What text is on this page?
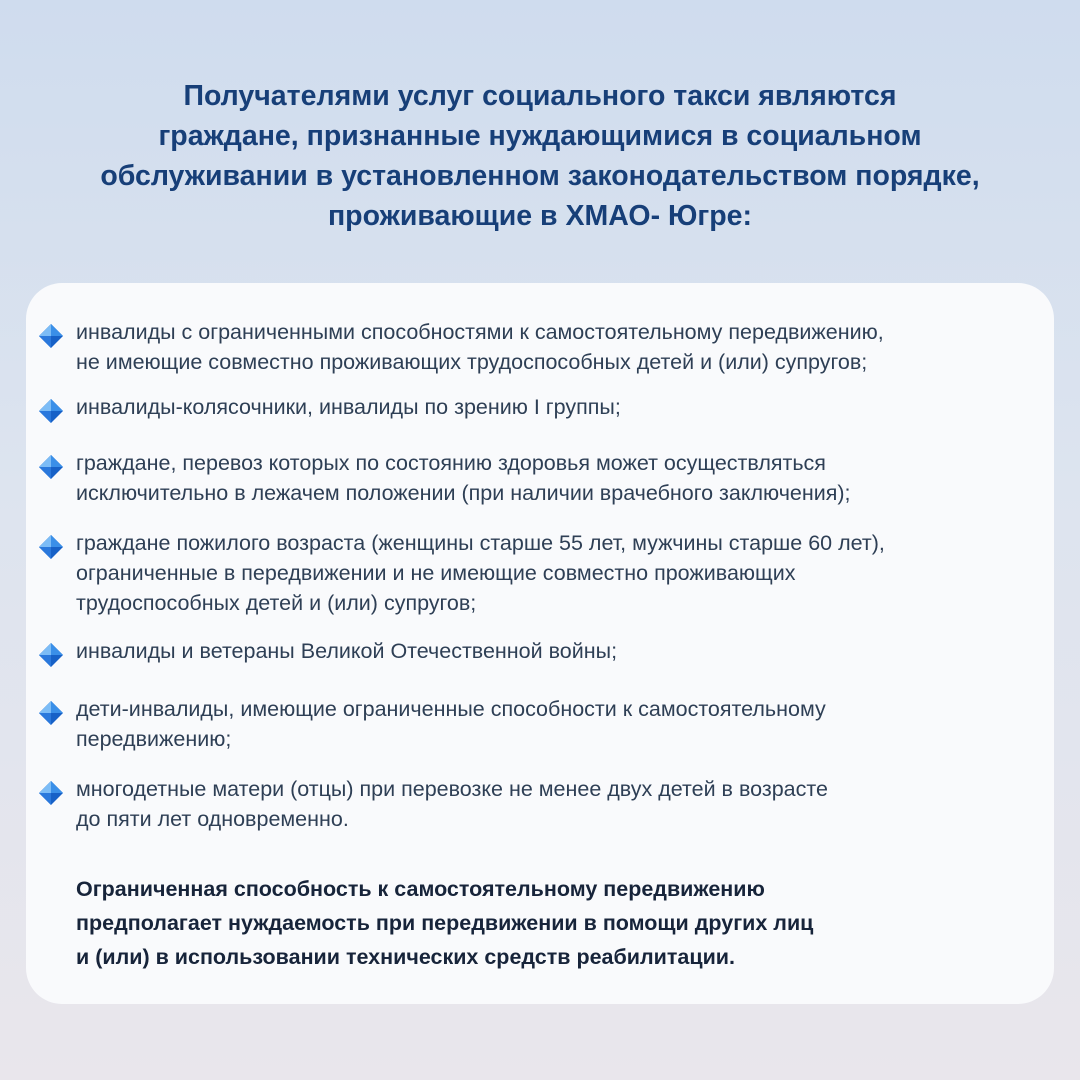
Получателями услуг социального такси являются
граждане, признанные нуждающимися в социальном
обслуживании в установленном законодательством порядке,
проживающие в ХМАО- Югре:
инвалиды с ограниченными способностями к самостоятельному передвижению,
не имеющие совместно проживающих трудоспособных детей и (или) супругов;
инвалиды-колясочники, инвалиды по зрению I группы;
граждане, перевоз которых по состоянию здоровья может осуществляться
исключительно в лежачем положении (при наличии врачебного заключения);
граждане пожилого возраста (женщины старше 55 лет, мужчины старше 60 лет),
ограниченные в передвижении и не имеющие совместно проживающих
трудоспособных детей и (или) супругов;
инвалиды и ветераны Великой Отечественной войны;
дети-инвалиды, имеющие ограниченные способности к самостоятельному
передвижению;
многодетные матери (отцы) при перевозке не менее двух детей в возрасте
до пяти лет одновременно.
Ограниченная способность к самостоятельному передвижению
предполагает нуждаемость при передвижении в помощи других лиц
и (или) в использовании технических средств реабилитации.
